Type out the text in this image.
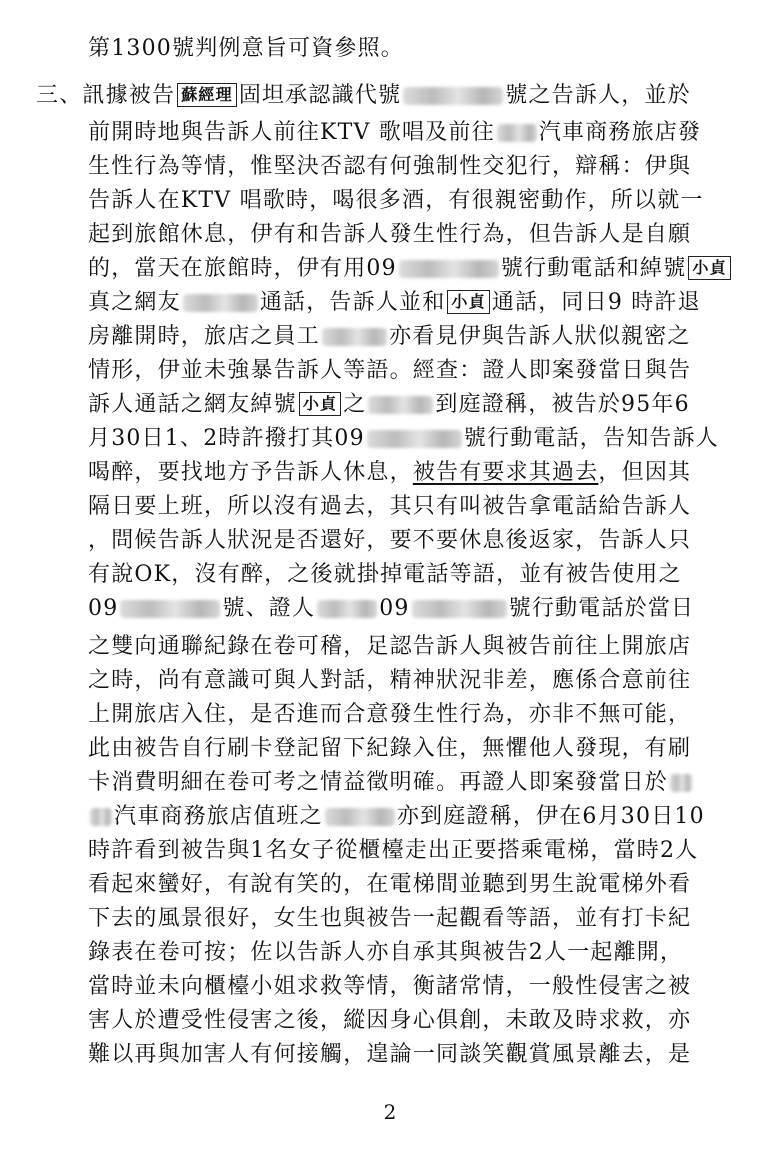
第1300號判例意旨可資參照。
三、訊據被告 蘇經理 固坦承認識代號	號之告訴人，並於
前開時地與告訴人前往KTV 歌唱及前往 汽車商務旅店發
生性行為等情，惟堅決否認有何強制性交犯行，辯稱：伊與
告訴人在KTV 唱歌時，喝很多酒，有很親密動作，所以就一
起到旅館休息，伊有和告訴人發生性行為，但告訴人是自願
的，當天在旅館時，伊有用09	號行動電話和綽號 小貞
真之網友	通話，告訴人並和 小貞 通話，同日9 時許退
房離開時，旅店之員工	亦看見伊與告訴人狀似親密之
情形，伊並未強暴告訴人等語。經查：證人即案發當日與告
訴人通話之網友綽號 小貞 之	到庭證稱，被告於95年6
月30日1、2時許撥打其09	號行動電話，告知告訴人
喝醉，要找地方予告訴人休息，被告有要求其過去，但因其
隔日要上班，所以沒有過去，其只有叫被告拿電話給告訴人
，問候告訴人狀況是否還好，要不要休息後返家，告訴人只
有說OK，沒有醉，之後就掛掉電話等語，並有被告使用之
09	號、證人	09	號行動電話於當日
之雙向通聯紀錄在卷可稽，足認告訴人與被告前往上開旅店
之時，尚有意識可與人對話，精神狀況非差，應係合意前往
上開旅店入住，是否進而合意發生性行為，亦非不無可能，
此由被告自行刷卡登記留下紀錄入住，無懼他人發現，有刷
卡消費明細在卷可考之情益徵明確。再證人即案發當日於
汽車商務旅店值班之	亦到庭證稱，伊在6月30日10
時許看到被告與1名女子從櫃檯走出正要搭乘電梯，當時2人
看起來蠻好，有說有笑的，在電梯間並聽到男生說電梯外看
下去的風景很好，女生也與被告一起觀看等語，並有打卡紀
錄表在卷可按；佐以告訴人亦自承其與被告2人一起離開，
當時並未向櫃檯小姐求救等情，衡諸常情，一般性侵害之被
害人於遭受性侵害之後，縱因身心俱創，未敢及時求救，亦
難以再與加害人有何接觸，遑論一同談笑觀賞風景離去，是
2
